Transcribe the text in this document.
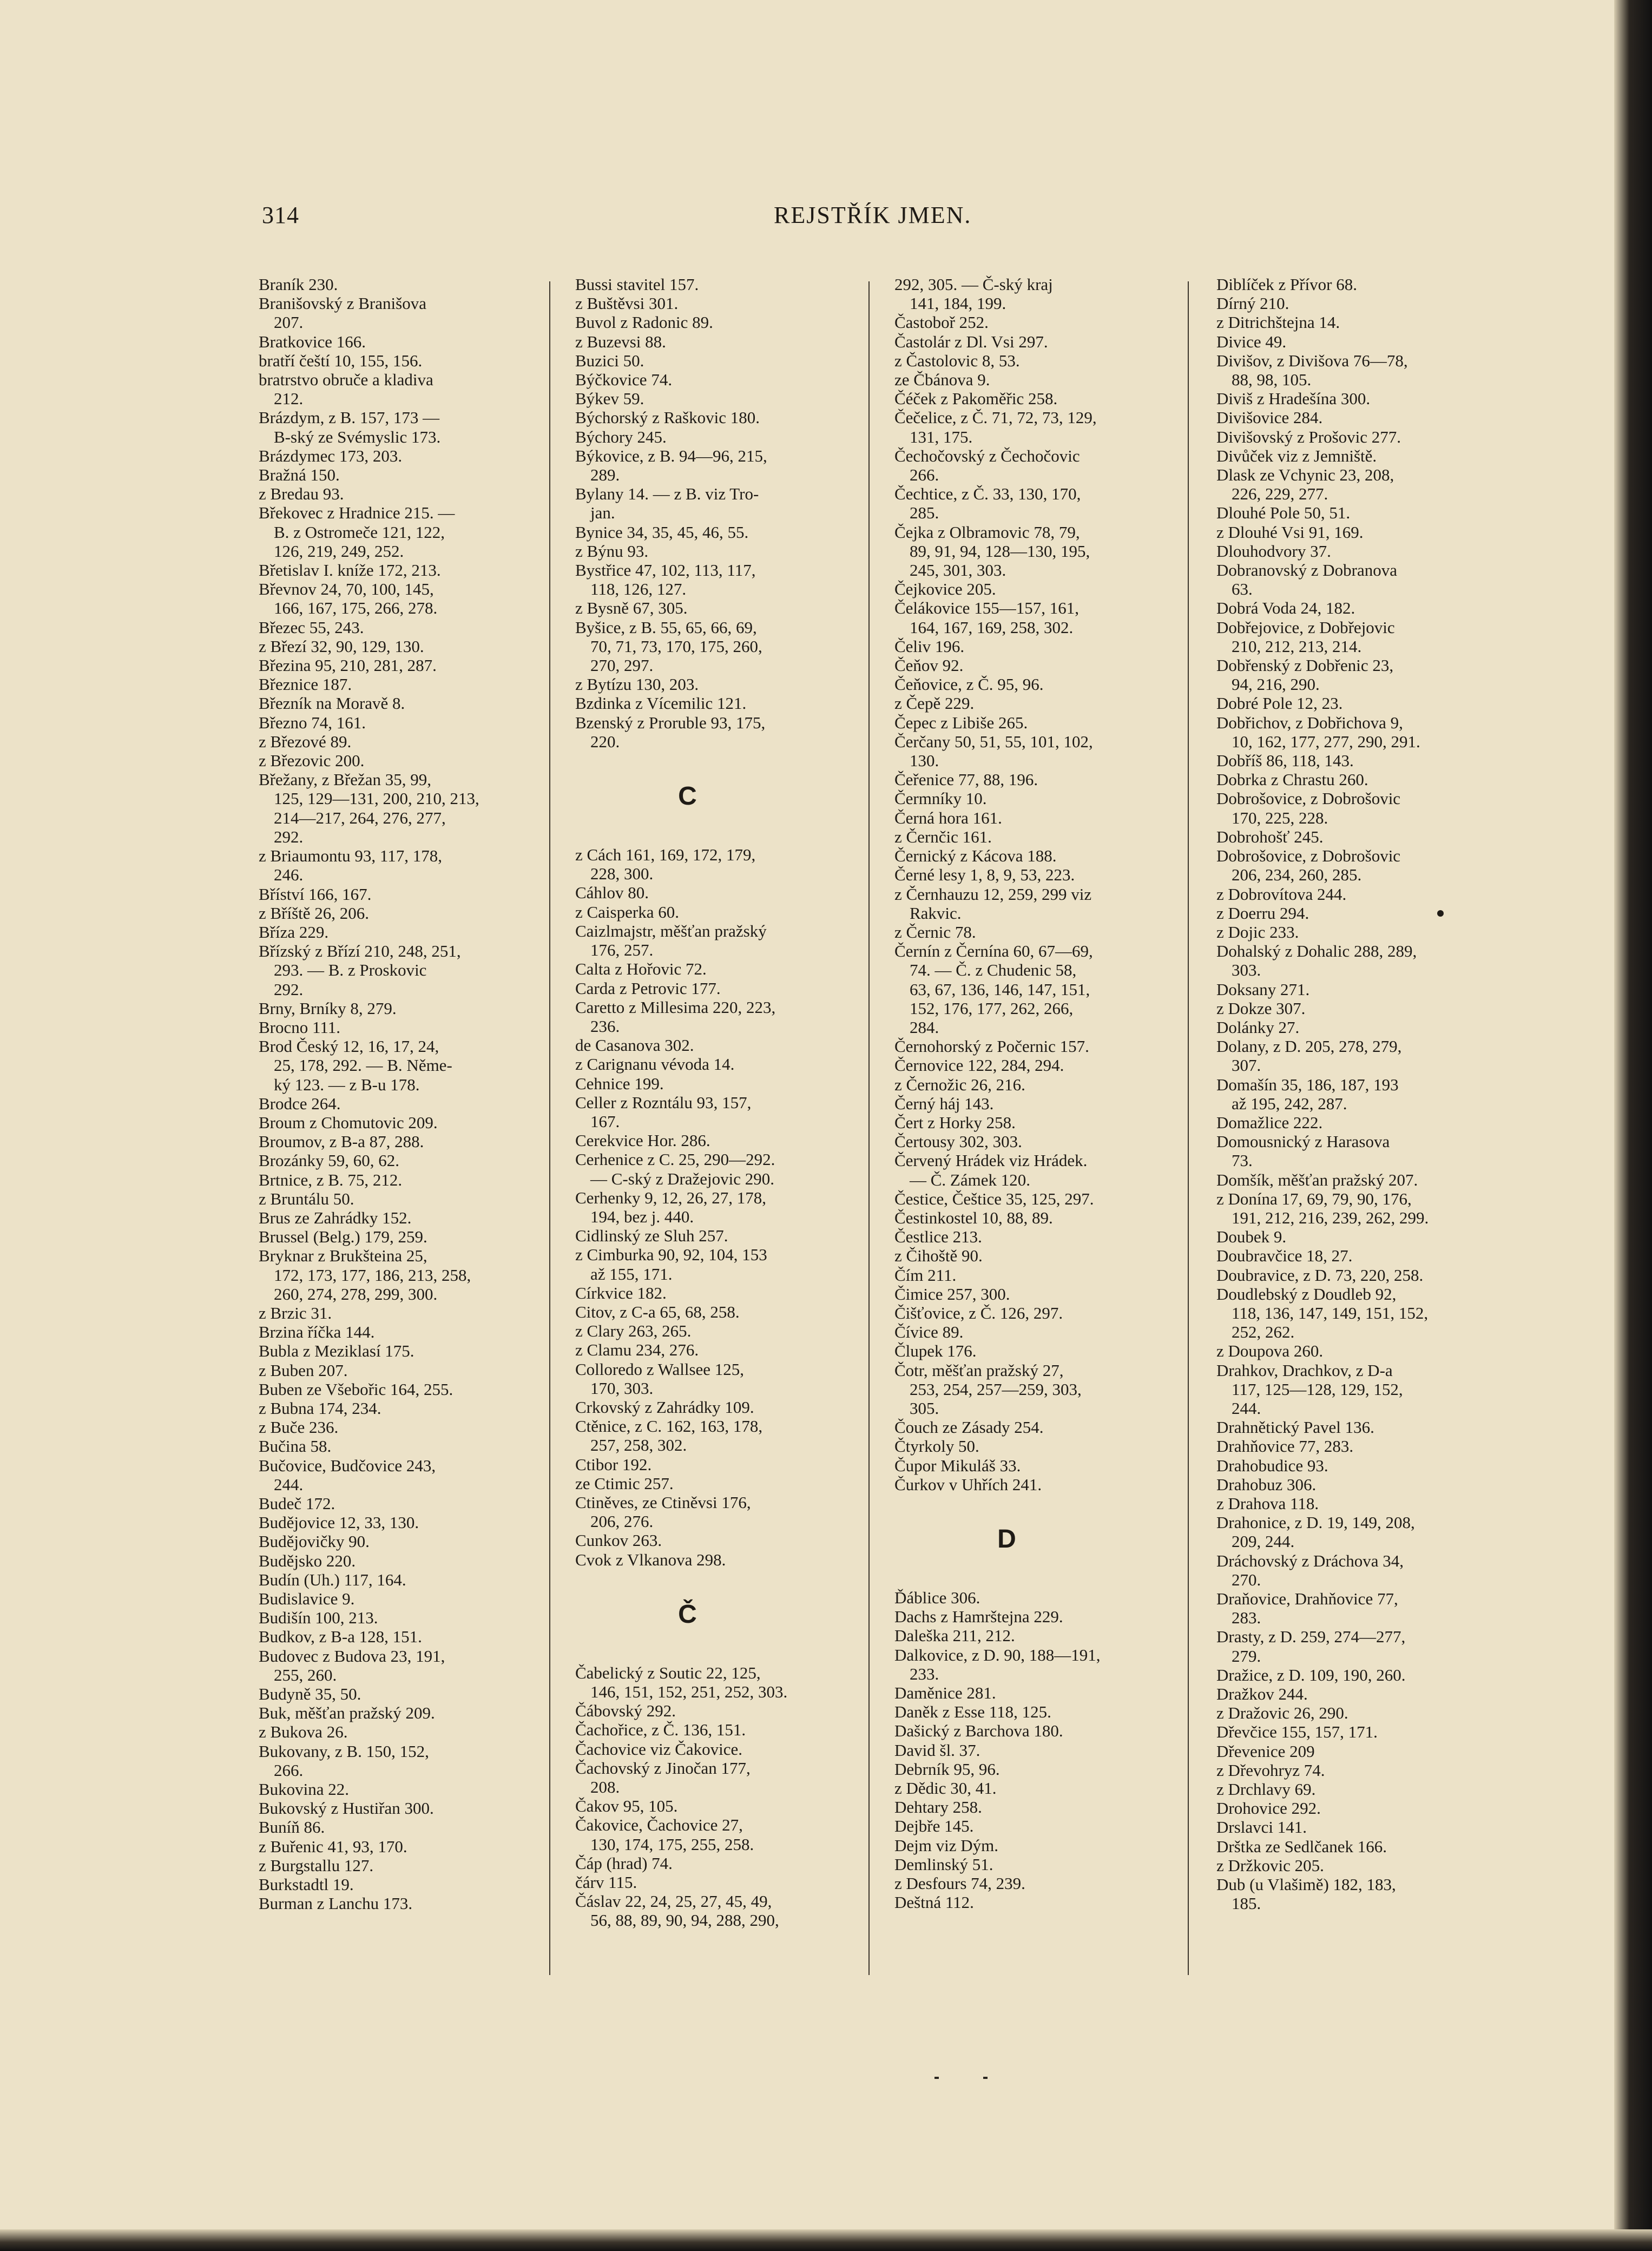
314	REJSTŘÍK JMEN.
Braník 230.
Branišovský z Branišova
207.
Bratkovice 166.
bratří čeští 10, 155, 156.
bratrstvo obruče a kladiva
212.
Brázdym, z B. 157, 173 —
B-ský ze Svémyslic 173.
Brázdymec 173, 203.
Bražná 150.
z Bredau 93.
Břekovec z Hradnice 215. —
B. z Ostromeče 121, 122,
126, 219, 249, 252.
Břetislav I. kníže 172, 213.
Břevnov 24, 70, 100, 145,
166, 167, 175, 266, 278.
Březec 55, 243.
z Březí 32, 90, 129, 130.
Březina 95, 210, 281, 287.
Březnice 187.
Březník na Moravě 8.
Březno 74, 161.
z Březové 89.
z Březovic 200.
Břežany, z Břežan 35, 99,
125, 129—131, 200, 210, 213,
214—217, 264, 276, 277,
292.
z Briaumontu 93, 117, 178,
246.
Bříství 166, 167.
z Bříště 26, 206.
Bříza 229.
Břízský z Břízí 210, 248, 251,
293. — B. z Proskovic
292.
Brny, Brníky 8, 279.
Brocno 111.
Brod Český 12, 16, 17, 24,
25, 178, 292. — B. Něme-
ký 123. — z B-u 178.
Brodce 264.
Broum z Chomutovic 209.
Broumov, z B-a 87, 288.
Brozánky 59, 60, 62.
Brtnice, z B. 75, 212.
z Bruntálu 50.
Brus ze Zahrádky 152.
Brussel (Belg.) 179, 259.
Bryknar z Brukšteina 25,
172, 173, 177, 186, 213, 258,
260, 274, 278, 299, 300.
z Brzic 31.
Brzina říčka 144.
Bubla z Meziklasí 175.
z Buben 207.
Buben ze Všebořic 164, 255.
z Bubna 174, 234.
z Buče 236.
Bučina 58.
Bučovice, Budčovice 243,
244.
Budeč 172.
Budějovice 12, 33, 130.
Budějovičky 90.
Budějsko 220.
Budín (Uh.) 117, 164.
Budislavice 9.
Budišín 100, 213.
Budkov, z B-a 128, 151.
Budovec z Budova 23, 191,
255, 260.
Budyně 35, 50.
Buk, měšťan pražský 209.
z Bukova 26.
Bukovany, z B. 150, 152,
266.
Bukovina 22.
Bukovský z Hustiřan 300.
Buníň 86.
z Buřenic 41, 93, 170.
z Burgstallu 127.
Burkstadtl 19.
Burman z Lanchu 173.
Bussi stavitel 157.
z Buštěvsi 301.
Buvol z Radonic 89.
z Buzevsi 88.
Buzici 50.
Býčkovice 74.
Býkev 59.
Býchorský z Raškovic 180.
Býchory 245.
Býkovice, z B. 94—96, 215,
289.
Bylany 14. — z B. viz Tro-
jan.
Bynice 34, 35, 45, 46, 55.
z Býnu 93.
Bystřice 47, 102, 113, 117,
118, 126, 127.
z Bysně 67, 305.
Byšice, z B. 55, 65, 66, 69,
70, 71, 73, 170, 175, 260,
270, 297.
z Bytízu 130, 203.
Bzdinka z Vícemilic 121.
Bzenský z Proruble 93, 175,
220.
C
z Cách 161, 169, 172, 179,
228, 300.
Cáhlov 80.
z Caisperka 60.
Caizlmajstr, měšťan pražský
176, 257.
Calta z Hořovic 72.
Carda z Petrovic 177.
Caretto z Millesima 220, 223,
236.
de Casanova 302.
z Carignanu vévoda 14.
Cehnice 199.
Celler z Rozntálu 93, 157,
167.
Cerekvice Hor. 286.
Cerhenice z C. 25, 290—292.
— C-ský z Dražejovic 290.
Cerhenky 9, 12, 26, 27, 178,
194, bez j. 440.
Cidlinský ze Sluh 257.
z Cimburka 90, 92, 104, 153
až 155, 171.
Církvice 182.
Citov, z C-a 65, 68, 258.
z Clary 263, 265.
z Clamu 234, 276.
Colloredo z Wallsee 125,
170, 303.
Crkovský z Zahrádky 109.
Ctěnice, z C. 162, 163, 178,
257, 258, 302.
Ctibor 192.
ze Ctimic 257.
Ctiněves, ze Ctiněvsi 176,
206, 276.
Cunkov 263.
Cvok z Vlkanova 298.
Č
Čabelický z Soutic 22, 125,
146, 151, 152, 251, 252, 303.
Čábovský 292.
Čachořice, z Č. 136, 151.
Čachovice viz Čakovice.
Čachovský z Jinočan 177,
208.
Čakov 95, 105.
Čakovice, Čachovice 27,
130, 174, 175, 255, 258.
Čáp (hrad) 74.
čárv 115.
Čáslav 22, 24, 25, 27, 45, 49,
56, 88, 89, 90, 94, 288, 290,
292, 305. — Č-ský kraj
141, 184, 199.
Častoboř 252.
Častolár z Dl. Vsi 297.
z Častolovic 8, 53.
ze Čbánova 9.
Čéček z Pakoměřic 258.
Čečelice, z Č. 71, 72, 73, 129,
131, 175.
Čechočovský z Čechočovic
266.
Čechtice, z Č. 33, 130, 170,
285.
Čejka z Olbramovic 78, 79,
89, 91, 94, 128—130, 195,
245, 301, 303.
Čejkovice 205.
Čelákovice 155—157, 161,
164, 167, 169, 258, 302.
Čeliv 196.
Čeňov 92.
Čeňovice, z Č. 95, 96.
z Čepě 229.
Čepec z Libiše 265.
Čerčany 50, 51, 55, 101, 102,
130.
Čeřenice 77, 88, 196.
Čermníky 10.
Černá hora 161.
z Černčic 161.
Černický z Kácova 188.
Černé lesy 1, 8, 9, 53, 223.
z Černhauzu 12, 259, 299 viz
Rakvic.
z Černic 78.
Černín z Černína 60, 67—69,
74. — Č. z Chudenic 58,
63, 67, 136, 146, 147, 151,
152, 176, 177, 262, 266,
284.
Černohorský z Počernic 157.
Černovice 122, 284, 294.
z Černožic 26, 216.
Černý háj 143.
Čert z Horky 258.
Čertousy 302, 303.
Červený Hrádek viz Hrádek.
— Č. Zámek 120.
Čestice, Češtice 35, 125, 297.
Čestinkostel 10, 88, 89.
Čestlice 213.
z Čihoště 90.
Čím 211.
Čimice 257, 300.
Čišťovice, z Č. 126, 297.
Čívice 89.
Člupek 176.
Čotr, měšťan pražský 27,
253, 254, 257—259, 303,
305.
Čouch ze Zásady 254.
Čtyrkoly 50.
Čupor Mikuláš 33.
Čurkov v Uhřích 241.
D
Ďáblice 306.
Dachs z Hamrštejna 229.
Daleška 211, 212.
Dalkovice, z D. 90, 188—191,
233.
Daměnice 281.
Daněk z Esse 118, 125.
Dašický z Barchova 180.
David šl. 37.
Debrník 95, 96.
z Dědic 30, 41.
Dehtary 258.
Dejbře 145.
Dejm viz Dým.
Demlinský 51.
z Desfours 74, 239.
Deštná 112.
Diblíček z Přívor 68.
Dírný 210.
z Ditrichštejna 14.
Divice 49.
Divišov, z Divišova 76—78,
88, 98, 105.
Diviš z Hradešína 300.
Divišovice 284.
Divišovský z Prošovic 277.
Divůček viz z Jemniště.
Dlask ze Vchynic 23, 208,
226, 229, 277.
Dlouhé Pole 50, 51.
z Dlouhé Vsi 91, 169.
Dlouhodvory 37.
Dobranovský z Dobranova
63.
Dobrá Voda 24, 182.
Dobřejovice, z Dobřejovic
210, 212, 213, 214.
Dobřenský z Dobřenic 23,
94, 216, 290.
Dobré Pole 12, 23.
Dobřichov, z Dobřichova 9,
10, 162, 177, 277, 290, 291.
Dobříš 86, 118, 143.
Dobrka z Chrastu 260.
Dobrošovice, z Dobrošovic
170, 225, 228.
Dobrohošť 245.
Dobrošovice, z Dobrošovic
206, 234, 260, 285.
z Dobrovítova 244.
z Doerru 294.
z Dojic 233.
Dohalský z Dohalic 288, 289,
303.
Doksany 271.
z Dokze 307.
Dolánky 27.
Dolany, z D. 205, 278, 279,
307.
Domašín 35, 186, 187, 193
až 195, 242, 287.
Domažlice 222.
Domousnický z Harasova
73.
Domšík, měšťan pražský 207.
z Donína 17, 69, 79, 90, 176,
191, 212, 216, 239, 262, 299.
Doubek 9.
Doubravčice 18, 27.
Doubravice, z D. 73, 220, 258.
Doudlebský z Doudleb 92,
118, 136, 147, 149, 151, 152,
252, 262.
z Doupova 260.
Drahkov, Drachkov, z D-a
117, 125—128, 129, 152,
244.
Drahnětický Pavel 136.
Drahňovice 77, 283.
Drahobudice 93.
Drahobuz 306.
z Drahova 118.
Drahonice, z D. 19, 149, 208,
209, 244.
Dráchovský z Dráchova 34,
270.
Draňovice, Drahňovice 77,
283.
Drasty, z D. 259, 274—277,
279.
Dražice, z D. 109, 190, 260.
Dražkov 244.
z Dražovic 26, 290.
Dřevčice 155, 157, 171.
Dřevenice 209
z Dřevohryz 74.
z Drchlavy 69.
Drohovice 292.
Drslavci 141.
Drštka ze Sedlčanek 166.
z Držkovic 205.
Dub (u Vlašimě) 182, 183,
185.
